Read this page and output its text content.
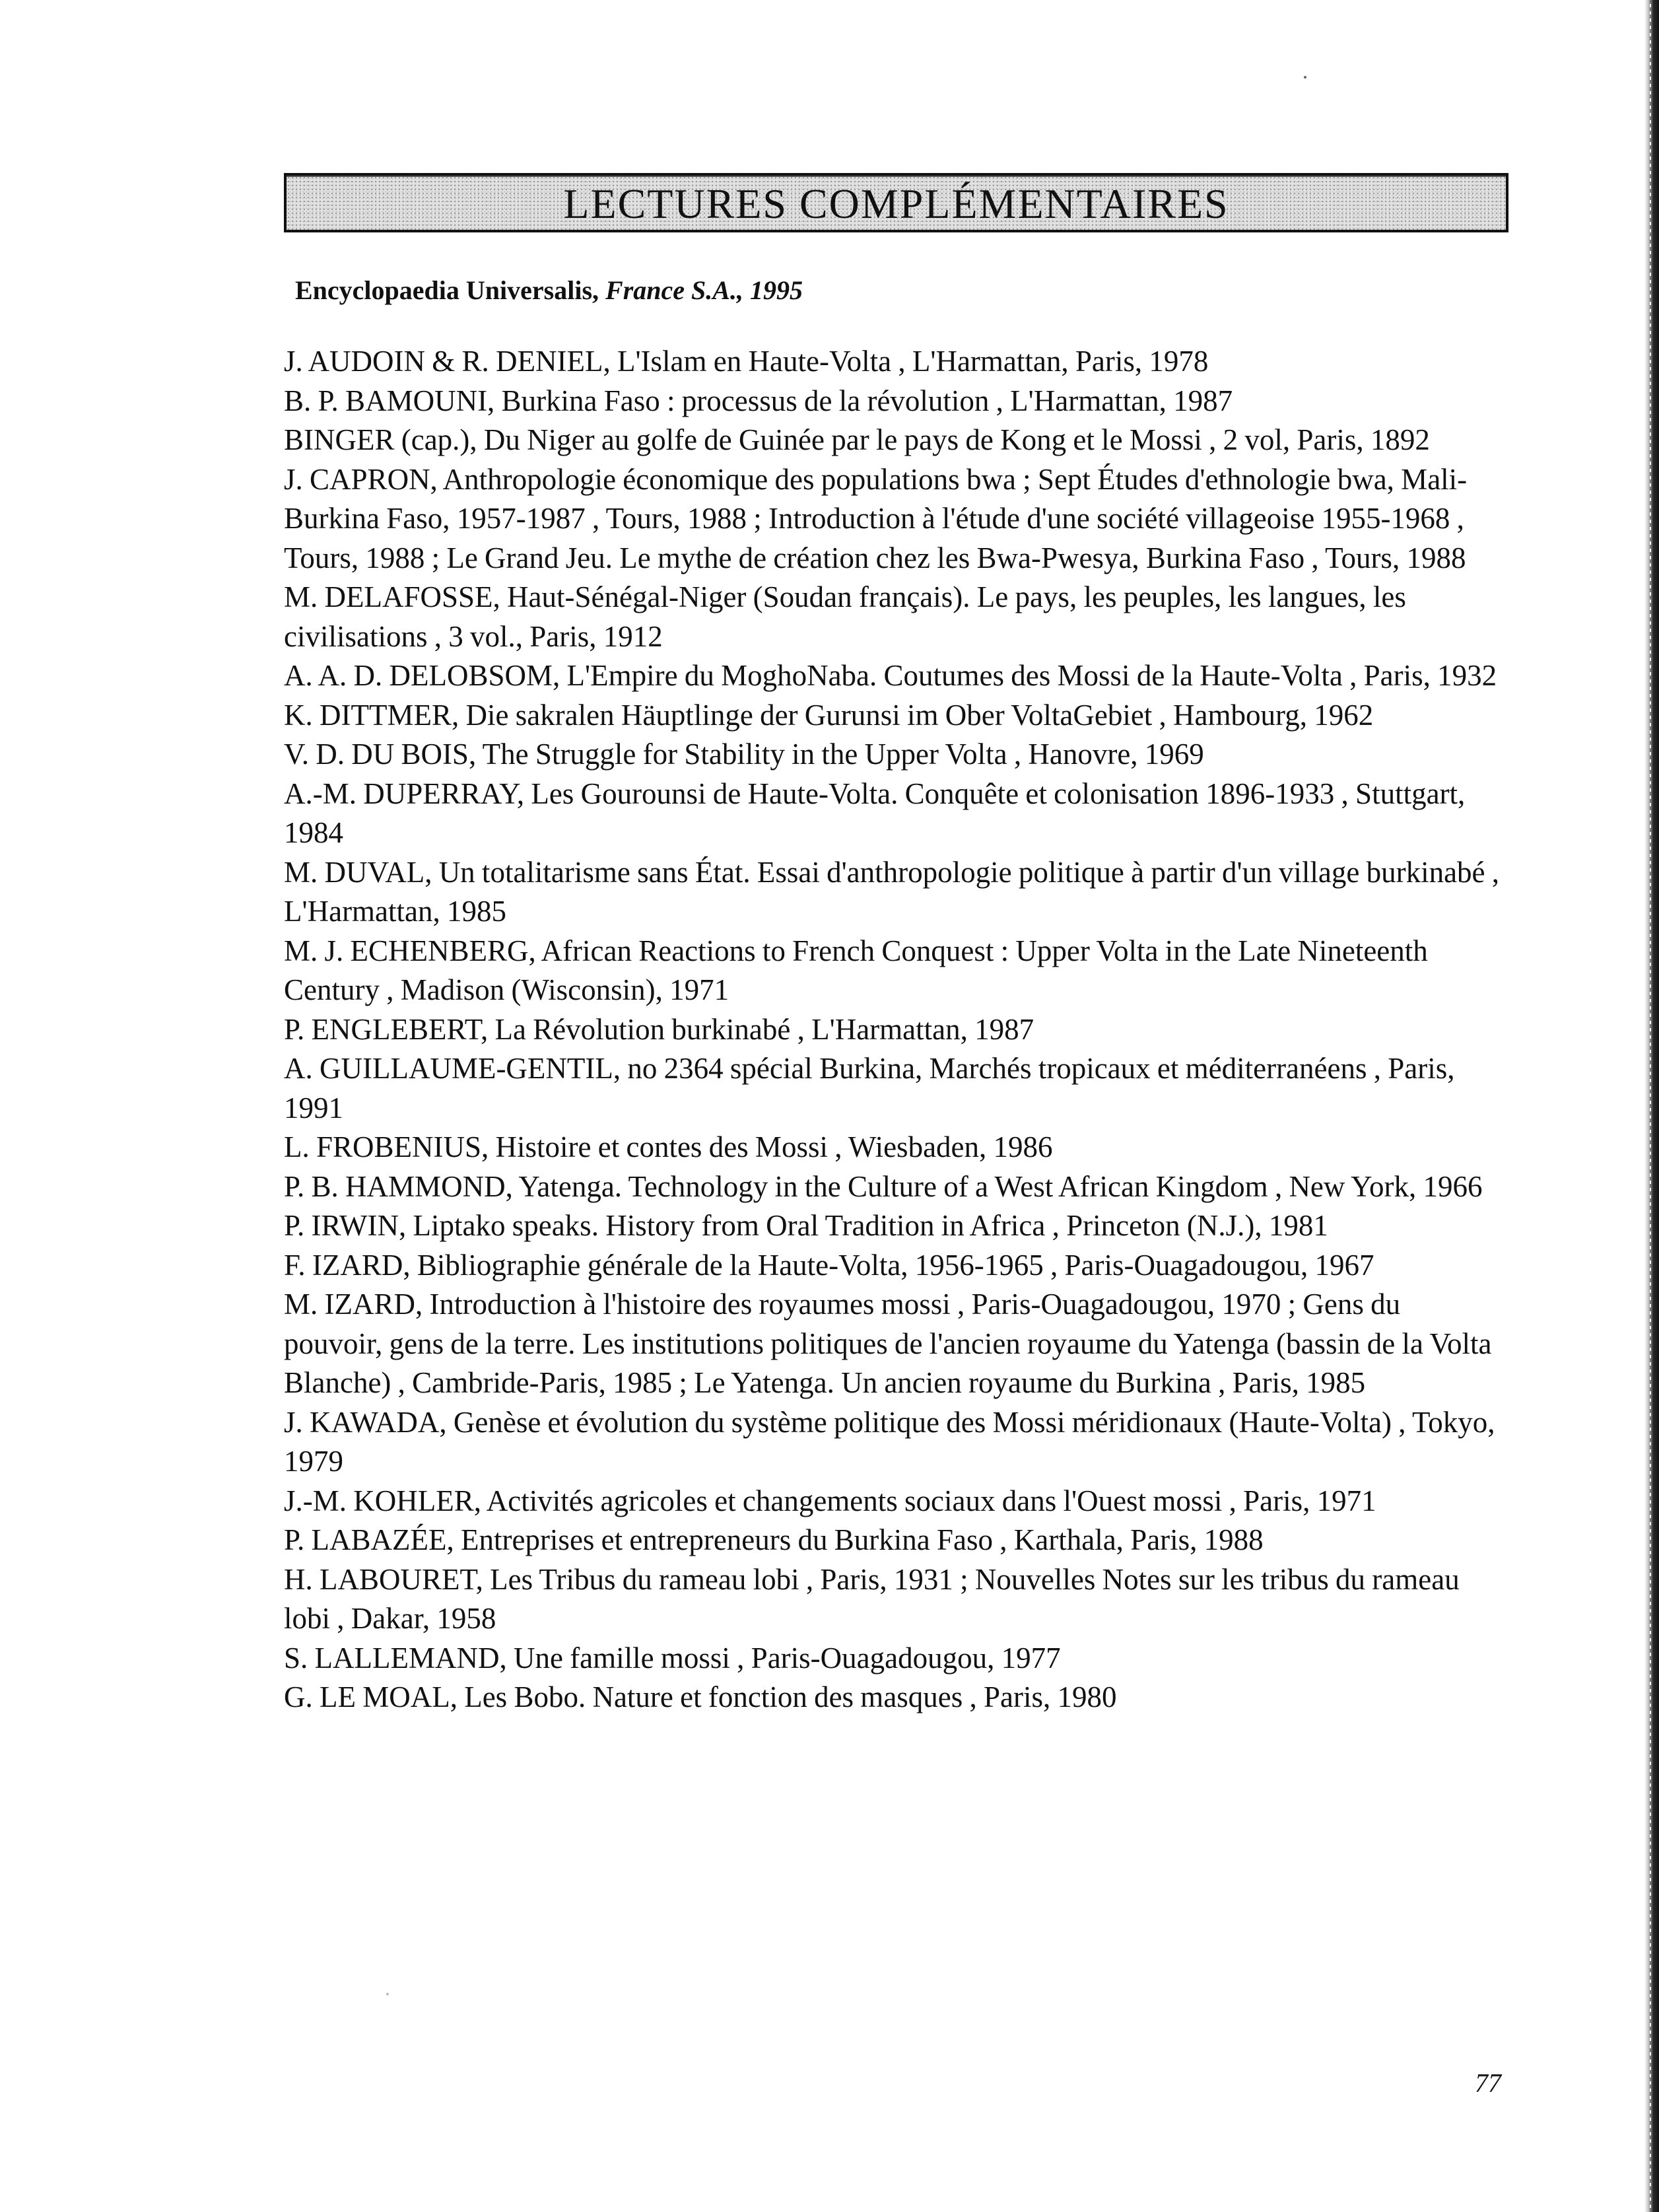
LECTURES COMPLÉMENTAIRES
Encyclopaedia Universalis, France S.A., 1995
J. AUDOIN & R. DENIEL, L'Islam en Haute-Volta , L'Harmattan, Paris, 1978
B. P. BAMOUNI, Burkina Faso : processus de la révolution , L'Harmattan, 1987
BINGER (cap.), Du Niger au golfe de Guinée par le pays de Kong et le Mossi , 2 vol, Paris, 1892
J. CAPRON, Anthropologie économique des populations bwa ; Sept Études d'ethnologie bwa, Mali-Burkina Faso, 1957-1987 , Tours, 1988 ; Introduction à l'étude d'une société villageoise 1955-1968 , Tours, 1988 ; Le Grand Jeu. Le mythe de création chez les Bwa-Pwesya, Burkina Faso , Tours, 1988
M. DELAFOSSE, Haut-Sénégal-Niger (Soudan français). Le pays, les peuples, les langues, les civilisations , 3 vol., Paris, 1912
A. A. D. DELOBSOM, L'Empire du MoghoNaba. Coutumes des Mossi de la Haute-Volta , Paris, 1932
K. DITTMER, Die sakralen Häuptlinge der Gurunsi im Ober VoltaGebiet , Hambourg, 1962
V. D. DU BOIS, The Struggle for Stability in the Upper Volta , Hanovre, 1969
A.-M. DUPERRAY, Les Gourounsi de Haute-Volta. Conquête et colonisation 1896-1933 , Stuttgart, 1984
M. DUVAL, Un totalitarisme sans État. Essai d'anthropologie politique à partir d'un village burkinabé , L'Harmattan, 1985
M. J. ECHENBERG, African Reactions to French Conquest : Upper Volta in the Late Nineteenth Century , Madison (Wisconsin), 1971
P. ENGLEBERT, La Révolution burkinabé , L'Harmattan, 1987
A. GUILLAUME-GENTIL, no 2364 spécial Burkina, Marchés tropicaux et méditerranéens , Paris, 1991
L. FROBENIUS, Histoire et contes des Mossi , Wiesbaden, 1986
P. B. HAMMOND, Yatenga. Technology in the Culture of a West African Kingdom , New York, 1966
P. IRWIN, Liptako speaks. History from Oral Tradition in Africa , Princeton (N.J.), 1981
F. IZARD, Bibliographie générale de la Haute-Volta, 1956-1965 , Paris-Ouagadougou, 1967
M. IZARD, Introduction à l'histoire des royaumes mossi , Paris-Ouagadougou, 1970 ; Gens du pouvoir, gens de la terre. Les institutions politiques de l'ancien royaume du Yatenga (bassin de la Volta Blanche) , Cambride-Paris, 1985 ; Le Yatenga. Un ancien royaume du Burkina , Paris, 1985
J. KAWADA, Genèse et évolution du système politique des Mossi méridionaux (Haute-Volta) , Tokyo, 1979
J.-M. KOHLER, Activités agricoles et changements sociaux dans l'Ouest mossi , Paris, 1971
P. LABAZÉE, Entreprises et entrepreneurs du Burkina Faso , Karthala, Paris, 1988
H. LABOURET, Les Tribus du rameau lobi , Paris, 1931 ; Nouvelles Notes sur les tribus du rameau lobi , Dakar, 1958
S. LALLEMAND, Une famille mossi , Paris-Ouagadougou, 1977
G. LE MOAL, Les Bobo. Nature et fonction des masques , Paris, 1980
77
